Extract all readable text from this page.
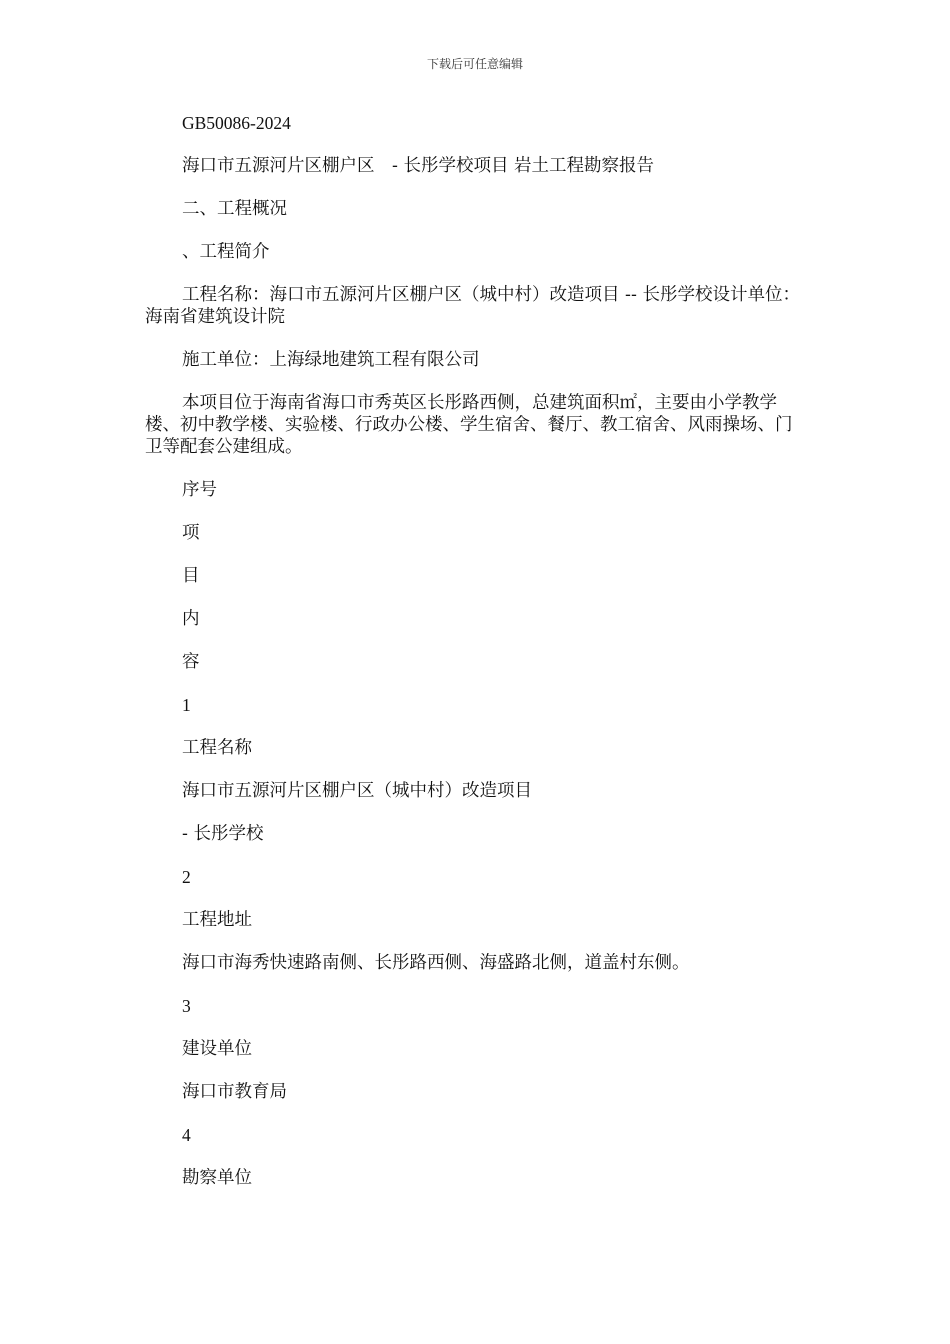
下载后可任意编辑

GB50086-2024

海口市五源河片区棚户区　- 长彤学校项目 岩土工程勘察报告

二、工程概况

、工程简介

工程名称：海口市五源河片区棚户区（城中村）改造项目 -- 长彤学校设计单位：海南省建筑设计院

施工单位：上海绿地建筑工程有限公司

本项目位于海南省海口市秀英区长彤路西侧，总建筑面积㎡，主要由小学教学楼、初中教学楼、实验楼、行政办公楼、学生宿舍、餐厅、教工宿舍、风雨操场、门卫等配套公建组成。

序号

项

目

内

容

1

工程名称

海口市五源河片区棚户区（城中村）改造项目

- 长彤学校

2

工程地址

海口市海秀快速路南侧、长彤路西侧、海盛路北侧，道盖村东侧。

3

建设单位

海口市教育局

4

勘察单位
